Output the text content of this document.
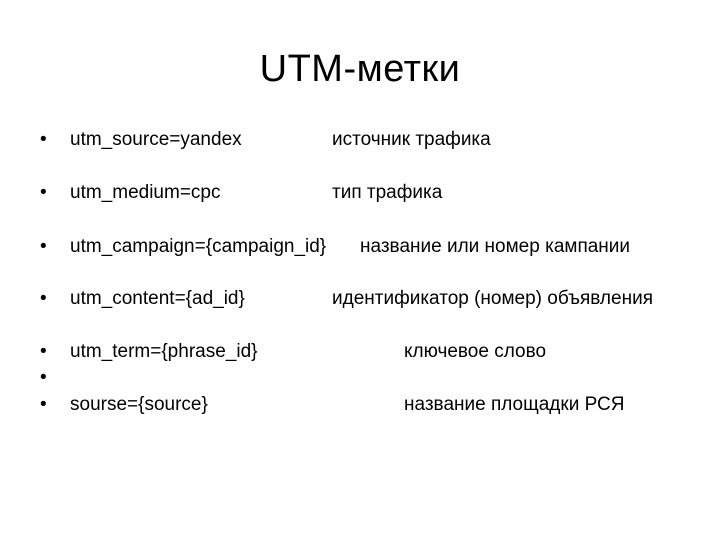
UTM-метки
• utm_source=yandex	источник трафика
• utm_medium=cpc	тип трафика
• utm_campaign={campaign_id} название или номер кампании
• utm_content={ad_id}	идентификатор (номер) объявления
• utm_term={phrase_id}	ключевое слово
•
• sourse={source}	название площадки РСЯ
